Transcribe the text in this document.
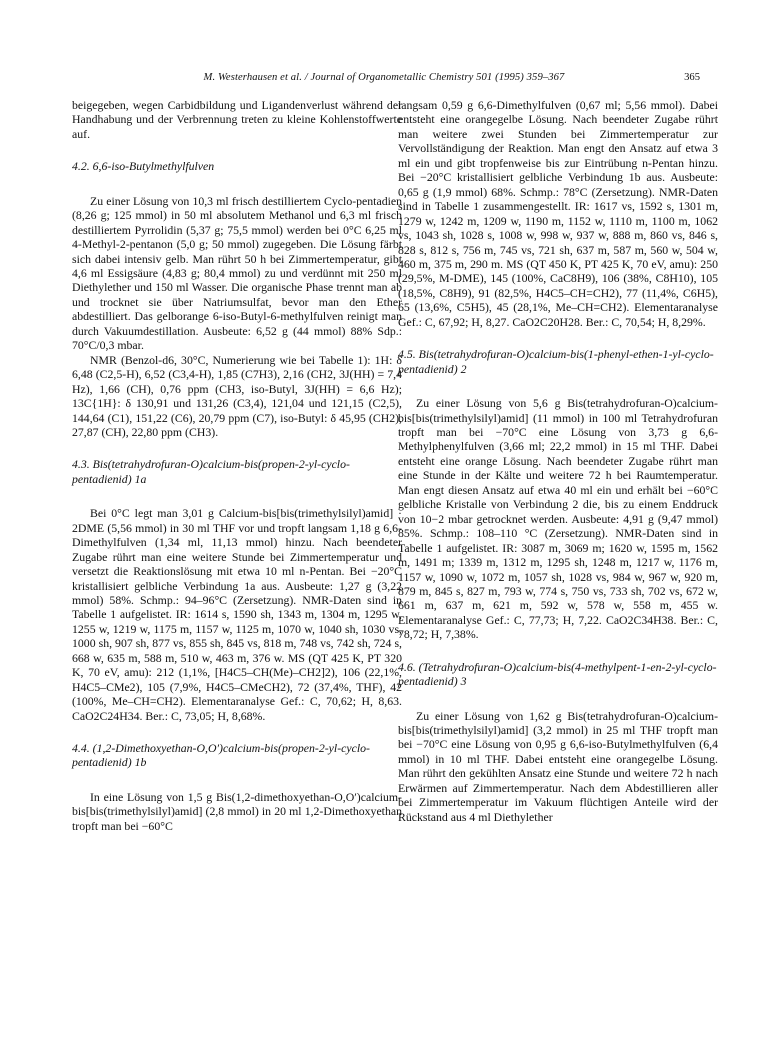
M. Westerhausen et al. / Journal of Organometallic Chemistry 501 (1995) 359–367	365

beigegeben, wegen Carbidbildung und Ligandenverlust während der Handhabung und der Verbrennung treten zu kleine Kohlenstoffwerte auf.

4.2. 6,6-iso-Butylmethylfulven

Zu einer Lösung von 10,3 ml frisch destilliertem Cyclo-pentadien (8,26 g; 125 mmol) in 50 ml absolutem Methanol und 6,3 ml frisch destilliertem Pyrrolidin (5,37 g; 75,5 mmol) werden bei 0°C 6,25 ml 4-Methyl-2-pentanon (5,0 g; 50 mmol) zugegeben. Die Lösung färbt sich dabei intensiv gelb. Man rührt 50 h bei Zimmertemperatur, gibt 4,6 ml Essigsäure (4,83 g; 80,4 mmol) zu und verdünnt mit 250 ml Diethylether und 150 ml Wasser. Die organische Phase trennt man ab und trocknet sie über Natriumsulfat, bevor man den Ether abdestilliert. Das gelborange 6-iso-Butyl-6-methylfulven reinigt man durch Vakuumdestillation. Ausbeute: 6,52 g (44 mmol) 88% Sdp.: 70°C/0,3 mbar.

NMR (Benzol-d6, 30°C, Numerierung wie bei Tabelle 1): 1H: δ 6,48 (C2,5-H), 6,52 (C3,4-H), 1,85 (C7H3), 2,16 (CH2, 3J(HH) = 7,4 Hz), 1,66 (CH), 0,76 ppm (CH3, iso-Butyl, 3J(HH) = 6,6 Hz); 13C{1H}: δ 130,91 und 131,26 (C3,4), 121,04 und 121,15 (C2,5), 144,64 (C1), 151,22 (C6), 20,79 ppm (C7), iso-Butyl: δ 45,95 (CH2), 27,87 (CH), 22,80 ppm (CH3).

4.3. Bis(tetrahydrofuran-O)calcium-bis(propen-2-yl-cyclo-pentadienid) 1a

Bei 0°C legt man 3,01 g Calcium-bis[bis(trimethylsilyl)amid] · 2DME (5,56 mmol) in 30 ml THF vor und tropft langsam 1,18 g 6,6-Dimethylfulven (1,34 ml, 11,13 mmol) hinzu. Nach beendeter Zugabe rührt man eine weitere Stunde bei Zimmertemperatur und versetzt die Reaktionslösung mit etwa 10 ml n-Pentan. Bei −20°C kristallisiert gelbliche Verbindung 1a aus. Ausbeute: 1,27 g (3,22 mmol) 58%. Schmp.: 94–96°C (Zersetzung). NMR-Daten sind in Tabelle 1 aufgelistet. IR: 1614 s, 1590 sh, 1343 m, 1304 m, 1295 w, 1255 w, 1219 w, 1175 m, 1157 w, 1125 m, 1070 w, 1040 sh, 1030 vs, 1000 sh, 907 sh, 877 vs, 855 sh, 845 vs, 818 m, 748 vs, 742 sh, 724 s, 668 w, 635 m, 588 m, 510 w, 463 m, 376 w. MS (QT 425 K, PT 320 K, 70 eV, amu): 212 (1,1%, [H4C5–CH(Me)–CH2]2), 106 (22,1%, H4C5–CMe2), 105 (7,9%, H4C5–CMeCH2), 72 (37,4%, THF), 42 (100%, Me–CH=CH2). Elementaranalyse Gef.: C, 70,62; H, 8,63. CaO2C24H34. Ber.: C, 73,05; H, 8,68%.

4.4. (1,2-Dimethoxyethan-O,O′)calcium-bis(propen-2-yl-cyclo-pentadienid) 1b

In eine Lösung von 1,5 g Bis(1,2-dimethoxyethan-O,O′)calcium-bis[bis(trimethylsilyl)amid] (2,8 mmol) in 20 ml 1,2-Dimethoxyethan tropft man bei −60°C

langsam 0,59 g 6,6-Dimethylfulven (0,67 ml; 5,56 mmol). Dabei entsteht eine orangegelbe Lösung. Nach beendeter Zugabe rührt man weitere zwei Stunden bei Zimmertemperatur zur Vervollständigung der Reaktion. Man engt den Ansatz auf etwa 3 ml ein und gibt tropfenweise bis zur Eintrübung n-Pentan hinzu. Bei −20°C kristallisiert gelbliche Verbindung 1b aus. Ausbeute: 0,65 g (1,9 mmol) 68%. Schmp.: 78°C (Zersetzung). NMR-Daten sind in Tabelle 1 zusammengestellt. IR: 1617 vs, 1592 s, 1301 m, 1279 w, 1242 m, 1209 w, 1190 m, 1152 w, 1110 m, 1100 m, 1062 vs, 1043 sh, 1028 s, 1008 w, 998 w, 937 w, 888 m, 860 vs, 846 s, 828 s, 812 s, 756 m, 745 vs, 721 sh, 637 m, 587 m, 560 w, 504 w, 460 m, 375 m, 290 m. MS (QT 450 K, PT 425 K, 70 eV, amu): 250 (29,5%, M-DME), 145 (100%, CaC8H9), 106 (38%, C8H10), 105 (18,5%, C8H9), 91 (82,5%, H4C5–CH=CH2), 77 (11,4%, C6H5), 65 (13,6%, C5H5), 45 (28,1%, Me–CH=CH2). Elementaranalyse Gef.: C, 67,92; H, 8,27. CaO2C20H28. Ber.: C, 70,54; H, 8,29%.

4.5. Bis(tetrahydrofuran-O)calcium-bis(1-phenyl-ethen-1-yl-cyclo-pentadienid) 2

Zu einer Lösung von 5,6 g Bis(tetrahydrofuran-O)calcium-bis[bis(trimethylsilyl)amid] (11 mmol) in 100 ml Tetrahydrofuran tropft man bei −70°C eine Lösung von 3,73 g 6,6-Methylphenylfulven (3,66 ml; 22,2 mmol) in 15 ml THF. Dabei entsteht eine orange Lösung. Nach beendeter Zugabe rührt man eine Stunde in der Kälte und weitere 72 h bei Raumtemperatur. Man engt diesen Ansatz auf etwa 40 ml ein und erhält bei −60°C gelbliche Kristalle von Verbindung 2 die, bis zu einem Enddruck von 10−2 mbar getrocknet werden. Ausbeute: 4,91 g (9,47 mmol) 85%. Schmp.: 108–110 °C (Zersetzung). NMR-Daten sind in Tabelle 1 aufgelistet. IR: 3087 m, 3069 m; 1620 w, 1595 m, 1562 m, 1491 m; 1339 m, 1312 m, 1295 sh, 1248 m, 1217 w, 1176 m, 1157 w, 1090 w, 1072 m, 1057 sh, 1028 vs, 984 w, 967 w, 920 m, 879 m, 845 s, 827 m, 793 w, 774 s, 750 vs, 733 sh, 702 vs, 672 w, 661 m, 637 m, 621 m, 592 w, 578 w, 558 m, 455 w. Elementaranalyse Gef.: C, 77,73; H, 7,22. CaO2C34H38. Ber.: C, 78,72; H, 7,38%.

4.6. (Tetrahydrofuran-O)calcium-bis(4-methylpent-1-en-2-yl-cyclo-pentadienid) 3

Zu einer Lösung von 1,62 g Bis(tetrahydrofuran-O)calcium-bis[bis(trimethylsilyl)amid] (3,2 mmol) in 25 ml THF tropft man bei −70°C eine Lösung von 0,95 g 6,6-iso-Butylmethylfulven (6,4 mmol) in 10 ml THF. Dabei entsteht eine orangegelbe Lösung. Man rührt den gekühlten Ansatz eine Stunde und weitere 72 h nach Erwärmen auf Zimmertemperatur. Nach dem Abdestillieren aller bei Zimmertemperatur im Vakuum flüchtigen Anteile wird der Rückstand aus 4 ml Diethylether
